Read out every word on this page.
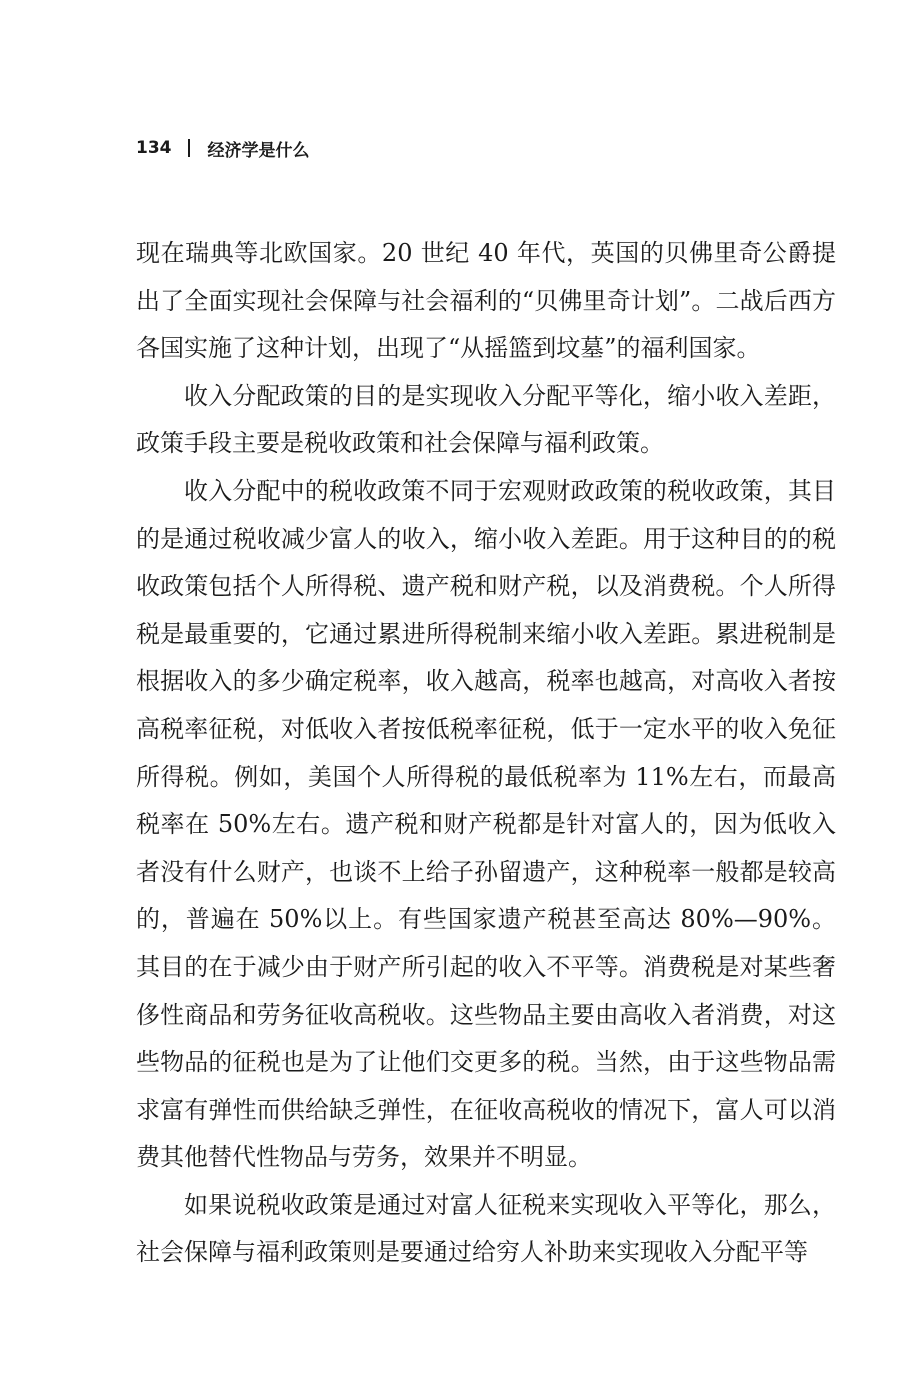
134 经济学是什么

现在瑞典等北欧国家。20 世纪 40 年代，英国的贝佛里奇公爵提出了全面实现社会保障与社会福利的“贝佛里奇计划”。二战后西方各国实施了这种计划，出现了“从摇篮到坟墓”的福利国家。

收入分配政策的目的是实现收入分配平等化，缩小收入差距，政策手段主要是税收政策和社会保障与福利政策。

收入分配中的税收政策不同于宏观财政政策的税收政策，其目的是通过税收减少富人的收入，缩小收入差距。用于这种目的的税收政策包括个人所得税、遗产税和财产税，以及消费税。个人所得税是最重要的，它通过累进所得税制来缩小收入差距。累进税制是根据收入的多少确定税率，收入越高，税率也越高，对高收入者按高税率征税，对低收入者按低税率征税，低于一定水平的收入免征所得税。例如，美国个人所得税的最低税率为 11%左右，而最高税率在 50%左右。遗产税和财产税都是针对富人的，因为低收入者没有什么财产，也谈不上给子孙留遗产，这种税率一般都是较高的，普遍在 50%以上。有些国家遗产税甚至高达 80%—90%。其目的在于减少由于财产所引起的收入不平等。消费税是对某些奢侈性商品和劳务征收高税收。这些物品主要由高收入者消费，对这些物品的征税也是为了让他们交更多的税。当然，由于这些物品需求富有弹性而供给缺乏弹性，在征收高税收的情况下，富人可以消费其他替代性物品与劳务，效果并不明显。

如果说税收政策是通过对富人征税来实现收入平等化，那么，社会保障与福利政策则是要通过给穷人补助来实现收入分配平等
